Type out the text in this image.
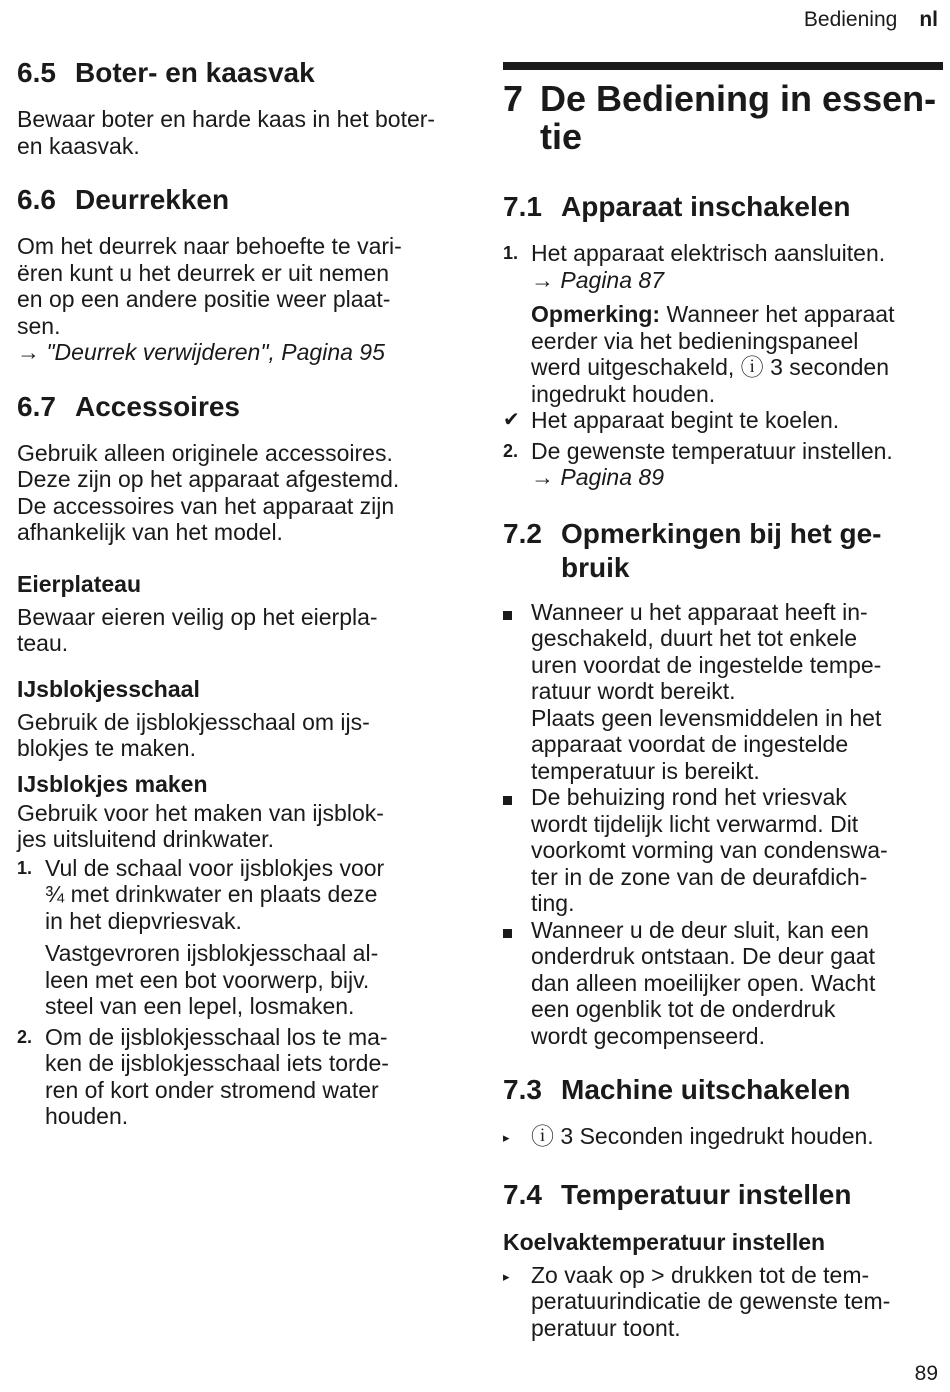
Bediening nl
6.5 Boter- en kaasvak

Bewaar boter en harde kaas in het boter- en kaasvak.

6.6 Deurrekken

Om het deurrek naar behoefte te vari-

ëren kunt u het deurrek er uit nemen

en op een andere positie weer plaat-

sen.

→ "Deurrek verwijderen", Pagina 95

6.7 Accessoires

Gebruik alleen originele accessoires.

Deze zijn op het apparaat afgestemd.

De accessoires van het apparaat zijn

afhankelijk van het model.

Eierplateau

Bewaar eieren veilig op het eierpla-

teau.

IJsblokjesschaal

Gebruik de ijsblokjesschaal om ijs-

blokjes te maken.

IJsblokjes maken

Gebruik voor het maken van ijsblok-

jes uitsluitend drinkwater.

1. Vul de schaal voor ijsblokjes voor

¾ met drinkwater en plaats deze

in het diepvriesvak.

Vastgevroren ijsblokjesschaal al-

leen met een bot voorwerp, bijv.

steel van een lepel, losmaken.

2. Om de ijsblokjesschaal los te ma-

ken de ijsblokjesschaal iets torde-

ren of kort onder stromend water

houden.

7 De Bediening in essen-
tie
7.1 Apparaat inschakelen
1. Het apparaat elektrisch aansluiten.

→ Pagina 87

Opmerking: Wanneer het apparaat

eerder via het bedieningspaneel

werd uitgeschakeld, ⓘ 3 seconden

ingedrukt houden.

✔ Het apparaat begint te koelen.

2. De gewenste temperatuur instellen.

→ Pagina 89

7.2 Opmerkingen bij het ge-
bruik

Wanneer u het apparaat heeft in-

geschakeld, duurt het tot enkele

uren voordat de ingestelde tempe-

ratuur wordt bereikt.

Plaats geen levensmiddelen in het

apparaat voordat de ingestelde

temperatuur is bereikt.

De behuizing rond het vriesvak

wordt tijdelijk licht verwarmd. Dit

voorkomt vorming van condenswa-

ter in de zone van de deurafdich-

ting.

Wanneer u de deur sluit, kan een

onderdruk ontstaan. De deur gaat

dan alleen moeilijker open. Wacht

een ogenblik tot de onderdruk

wordt gecompenseerd.

7.3 Machine uitschakelen
▸ ⓘ 3 Seconden ingedrukt houden.

7.4 Temperatuur instellen
Koelvaktemperatuur instellen
▸ Zo vaak op > drukken tot de tem-

peratuurindicatie de gewenste tem-

peratuur toont.

89
